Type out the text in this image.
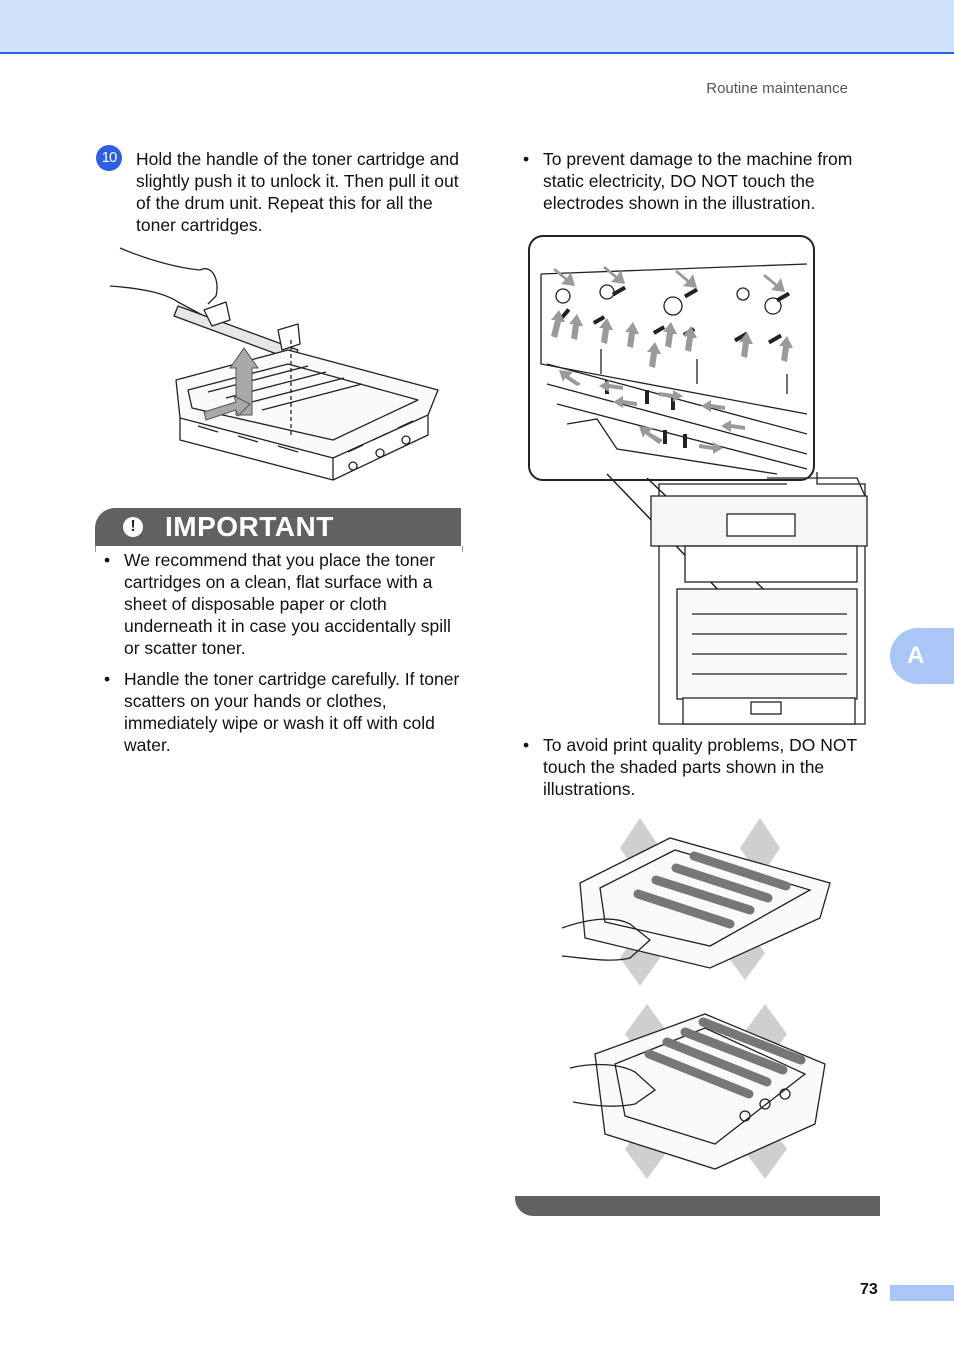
Routine maintenance
10	Hold the handle of the toner cartridge and slightly push it to unlock it. Then pull it out of the drum unit. Repeat this for all the toner cartridges.

! IMPORTANT
• We recommend that you place the toner cartridges on a clean, flat surface with a sheet of disposable paper or cloth underneath it in case you accidentally spill or scatter toner.
• Handle the toner cartridge carefully. If toner scatters on your hands or clothes, immediately wipe or wash it off with cold water.
• To prevent damage to the machine from static electricity, DO NOT touch the electrodes shown in the illustration.
A
• To avoid print quality problems, DO NOT touch the shaded parts shown in the illustrations.
73
